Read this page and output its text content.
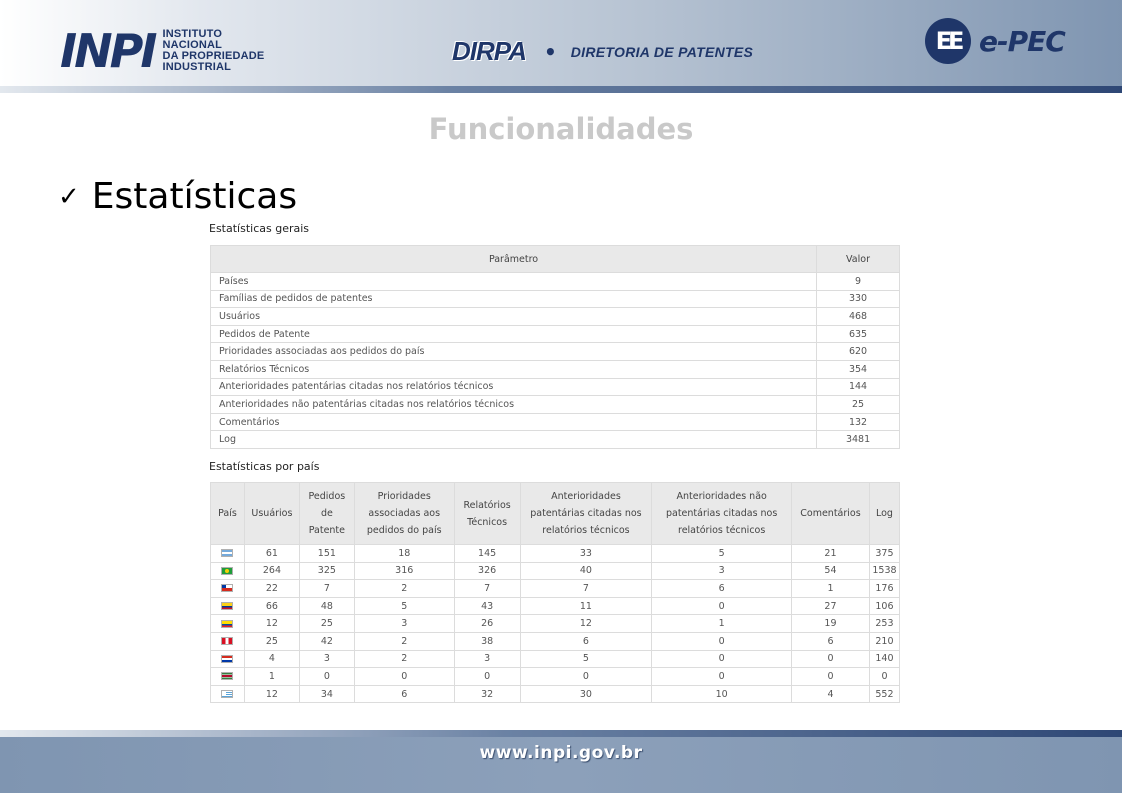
INPI INSTITUTO
NACIONAL
DA PROPRIEDADE
INDUSTRIAL
DIRPA • DIRETORIA DE PATENTES	EE e-PEC
Funcionalidades
✓ Estatísticas
Estatísticas gerais
Parâmetro	Valor
Países	9
Famílias de pedidos de patentes	330
Usuários	468
Pedidos de Patente	635
Prioridades associadas aos pedidos do país	620
Relatórios Técnicos	354
Anterioridades patentárias citadas nos relatórios técnicos	144
Anterioridades não patentárias citadas nos relatórios técnicos	25
Comentários	132
Log	3481
Estatísticas por país
País	Usuários	Pedidos de Patente	Prioridades associadas aos pedidos do país	Relatórios Técnicos	Anterioridades patentárias citadas nos relatórios técnicos	Anterioridades não patentárias citadas nos relatórios técnicos	Comentários	Log
	61	151	18	145	33	5	21	375
	264	325	316	326	40	3	54	1538
	22	7	2	7	7	6	1	176
	66	48	5	43	11	0	27	106
	12	25	3	26	12	1	19	253
	25	42	2	38	6	0	6	210
	4	3	2	3	5	0	0	140
	1	0	0	0	0	0	0	0
	12	34	6	32	30	10	4	552
www.inpi.gov.br
